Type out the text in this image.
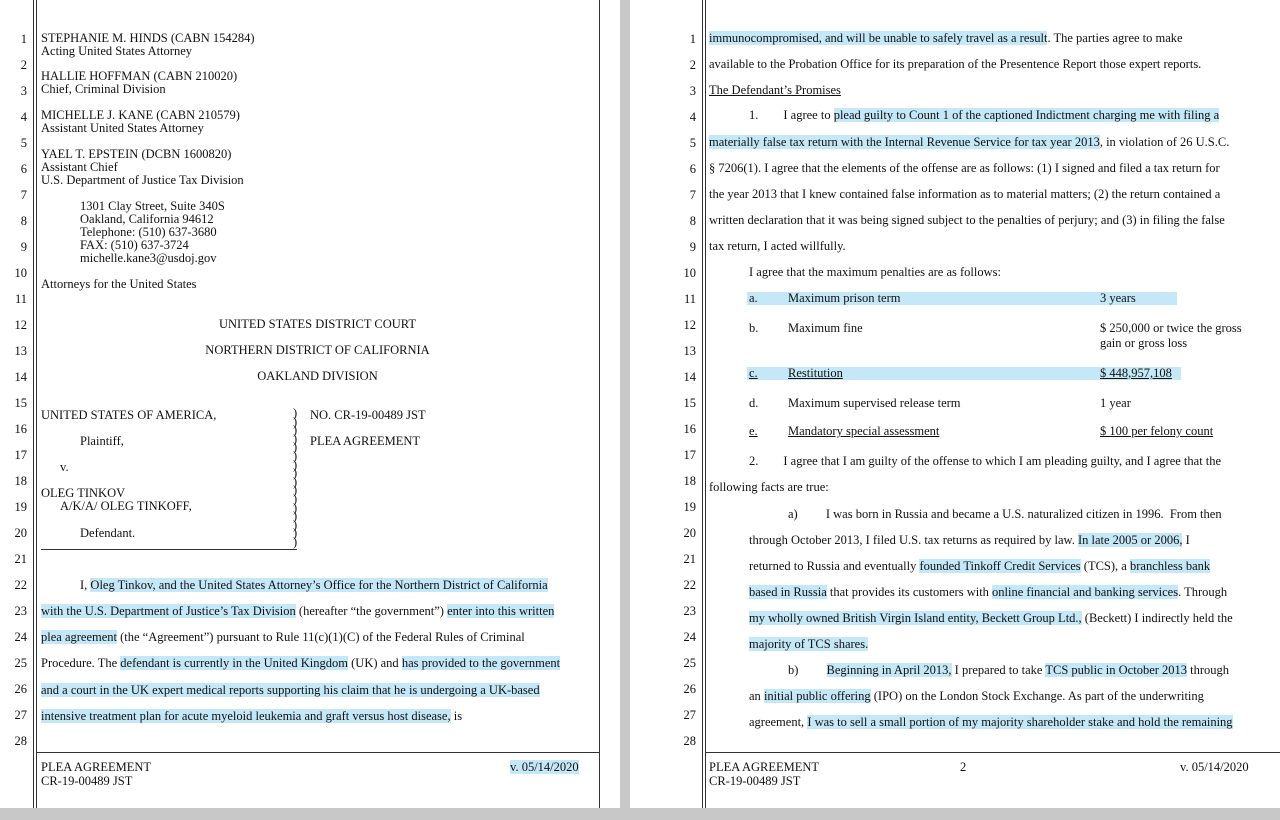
1
2
3
4
5
6
7
8
9
10
11
12
13
14
15
16
17
18
19
20
21
22
23
24
25
26
27
28
STEPHANIE M. HINDS (CABN 154284)
Acting United States Attorney
HALLIE HOFFMAN (CABN 210020)
Chief, Criminal Division
MICHELLE J. KANE (CABN 210579)
Assistant United States Attorney
YAEL T. EPSTEIN (DCBN 1600820)
Assistant Chief
U.S. Department of Justice Tax Division
1301 Clay Street, Suite 340S
Oakland, California 94612
Telephone: (510) 637-3680
FAX: (510) 637-3724
michelle.kane3@usdoj.gov
Attorneys for the United States
UNITED STATES DISTRICT COURT
NORTHERN DISTRICT OF CALIFORNIA
OAKLAND DIVISION
UNITED STATES OF AMERICA,
Plaintiff,
v.
OLEG TINKOV
A/K/A/ OLEG TINKOFF,
Defendant.
)
)
)
)
)
)
)
)
)
)
)
)
)
)
)
)
NO. CR-19-00489 JST
PLEA AGREEMENT
I, Oleg Tinkov, and the United States Attorney’s Office for the Northern District of California
with the U.S. Department of Justice’s Tax Division (hereafter “the government”) enter into this written
plea agreement (the “Agreement”) pursuant to Rule 11(c)(1)(C) of the Federal Rules of Criminal
Procedure. The defendant is currently in the United Kingdom (UK) and has provided to the government
and a court in the UK expert medical reports supporting his claim that he is undergoing a UK-based
intensive treatment plan for acute myeloid leukemia and graft versus host disease, is
PLEA AGREEMENT
CR-19-00489 JST
v. 05/14/2020
1
2
3
4
5
6
7
8
9
10
11
12
13
14
15
16
17
18
19
20
21
22
23
24
25
26
27
28
immunocompromised, and will be unable to safely travel as a result. The parties agree to make
available to the Probation Office for its preparation of the Presentence Report those expert reports.
The Defendant’s Promises
1.        I agree to plead guilty to Count 1 of the captioned Indictment charging me with filing a
materially false tax return with the Internal Revenue Service for tax year 2013, in violation of 26 U.S.C.
§ 7206(1). I agree that the elements of the offense are as follows: (1) I signed and filed a tax return for
the year 2013 that I knew contained false information as to material matters; (2) the return contained a
written declaration that it was being signed subject to the penalties of perjury; and (3) in filing the false
tax return, I acted willfully.
I agree that the maximum penalties are as follows:
a. Maximum prison term	3 years
b. Maximum fine	$ 250,000 or twice the gross
gain or gross loss
c. Restitution	$ 448,957,108
d. Maximum supervised release term	1 year
e. Mandatory special assessment	$ 100 per felony count
2.        I agree that I am guilty of the offense to which I am pleading guilty, and I agree that the
following facts are true:
a)         I was born in Russia and became a U.S. naturalized citizen in 1996.  From then
through October 2013, I filed U.S. tax returns as required by law. In late 2005 or 2006, I
returned to Russia and eventually founded Tinkoff Credit Services (TCS), a branchless bank
based in Russia that provides its customers with online financial and banking services. Through
my wholly owned British Virgin Island entity, Beckett Group Ltd., (Beckett) I indirectly held the
majority of TCS shares.
b)         Beginning in April 2013, I prepared to take TCS public in October 2013 through
an initial public offering (IPO) on the London Stock Exchange. As part of the underwriting
agreement, I was to sell a small portion of my majority shareholder stake and hold the remaining
PLEA AGREEMENT
CR-19-00489 JST
2	v. 05/14/2020
